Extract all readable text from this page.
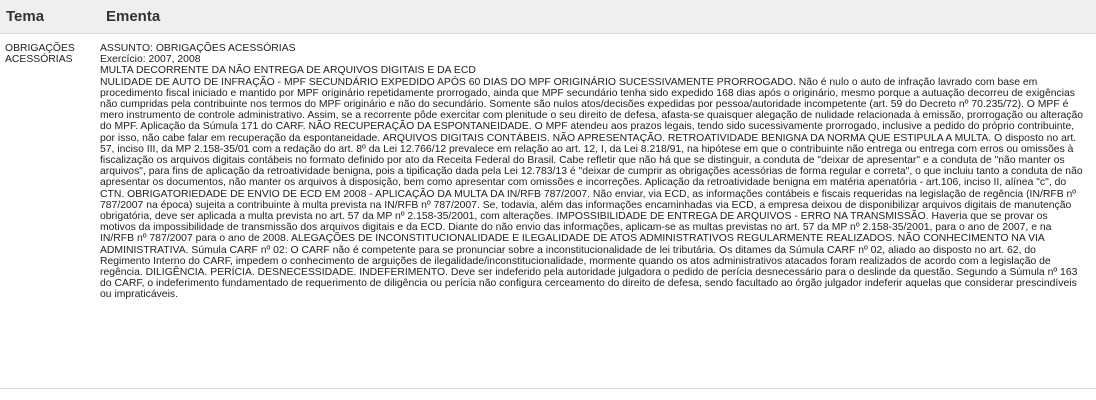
Tema	Ementa
OBRIGAÇÕES
ACESSÓRIAS
ASSUNTO: OBRIGAÇÕES ACESSÓRIAS
Exercício: 2007, 2008
MULTA DECORRENTE DA NÃO ENTREGA DE ARQUIVOS DIGITAIS E DA ECD
NULIDADE DE AUTO DE INFRAÇÃO - MPF SECUNDÁRIO EXPEDIDO APÓS 60 DIAS DO MPF ORIGINÁRIO SUCESSIVAMENTE PRORROGADO. Não é nulo o auto de infração lavrado com base em procedimento fiscal iniciado e mantido por MPF originário repetidamente prorrogado, ainda que MPF secundário tenha sido expedido 168 dias após o originário, mesmo porque a autuação decorreu de exigências não cumpridas pela contribuinte nos termos do MPF originário e não do secundário. Somente são nulos atos/decisões expedidas por pessoa/autoridade incompetente (art. 59 do Decreto nº 70.235/72). O MPF é mero instrumento de controle administrativo. Assim, se a recorrente pôde exercitar com plenitude o seu direito de defesa, afasta-se quaisquer alegação de nulidade relacionada à emissão, prorrogação ou alteração do MPF. Aplicação da Súmula 171 do CARF. NÃO RECUPERAÇÃO DA ESPONTANEIDADE. O MPF atendeu aos prazos legais, tendo sido sucessivamente prorrogado, inclusive a pedido do próprio contribuinte, por isso, não cabe falar em recuperação da espontaneidade. ARQUIVOS DIGITAIS CONTÁBEIS. NÃO APRESENTAÇÃO. RETROATIVIDADE BENIGNA DA NORMA QUE ESTIPULA A MULTA. O disposto no art. 57, inciso III, da MP 2.158-35/01 com a redação do art. 8º da Lei 12.766/12 prevalece em relação ao art. 12, I, da Lei 8.218/91, na hipótese em que o contribuinte não entrega ou entrega com erros ou omissões à fiscalização os arquivos digitais contábeis no formato definido por ato da Receita Federal do Brasil. Cabe refletir que não há que se distinguir, a conduta de "deixar de apresentar" e a conduta de "não manter os arquivos", para fins de aplicação da retroatividade benigna, pois a tipificação dada pela Lei 12.783/13 é "deixar de cumprir as obrigações acessórias de forma regular e correta", o que incluiu tanto a conduta de não apresentar os documentos, não manter os arquivos à disposição, bem como apresentar com omissões e incorreções. Aplicação da retroatividade benigna em matéria apenatória - art.106, inciso II, alínea "c", do CTN. OBRIGATORIEDADE DE ENVIO DE ECD EM 2008 - APLICAÇÃO DA MULTA DA IN/RFB 787/2007. Não enviar, via ECD, as informações contábeis e fiscais requeridas na legislação de regência (IN/RFB nº 787/2007 na época) sujeita a contribuinte à multa prevista na IN/RFB nº 787/2007. Se, todavia, além das informações encaminhadas via ECD, a empresa deixou de disponibilizar arquivos digitais de manutenção obrigatória, deve ser aplicada a multa prevista no art. 57 da MP nº 2.158-35/2001, com alterações. IMPOSSIBILIDADE DE ENTREGA DE ARQUIVOS - ERRO NA TRANSMISSÃO. Haveria que se provar os motivos da impossibilidade de transmissão dos arquivos digitais e da ECD. Diante do não envio das informações, aplicam-se as multas previstas no art. 57 da MP nº 2.158-35/2001, para o ano de 2007, e na IN/RFB nº 787/2007 para o ano de 2008. ALEGAÇÕES DE INCONSTITUCIONALIDADE E ILEGALIDADE DE ATOS ADMINISTRATIVOS REGULARMENTE REALIZADOS. NÃO CONHECIMENTO NA VIA ADMINISTRATIVA. Súmula CARF nº 02: O CARF não é competente para se pronunciar sobre a inconstitucionalidade de lei tributária. Os ditames da Súmula CARF nº 02, aliado ao disposto no art. 62, do Regimento Interno do CARF, impedem o conhecimento de arguições de ilegalidade/inconstitucionalidade, mormente quando os atos administrativos atacados foram realizados de acordo com a legislação de regência. DILIGÊNCIA. PERÍCIA. DESNECESSIDADE. INDEFERIMENTO. Deve ser indeferido pela autoridade julgadora o pedido de perícia desnecessário para o deslinde da questão. Segundo a Súmula nº 163 do CARF, o indeferimento fundamentado de requerimento de diligência ou perícia não configura cerceamento do direito de defesa, sendo facultado ao órgão julgador indeferir aquelas que considerar prescindíveis ou impraticáveis.
